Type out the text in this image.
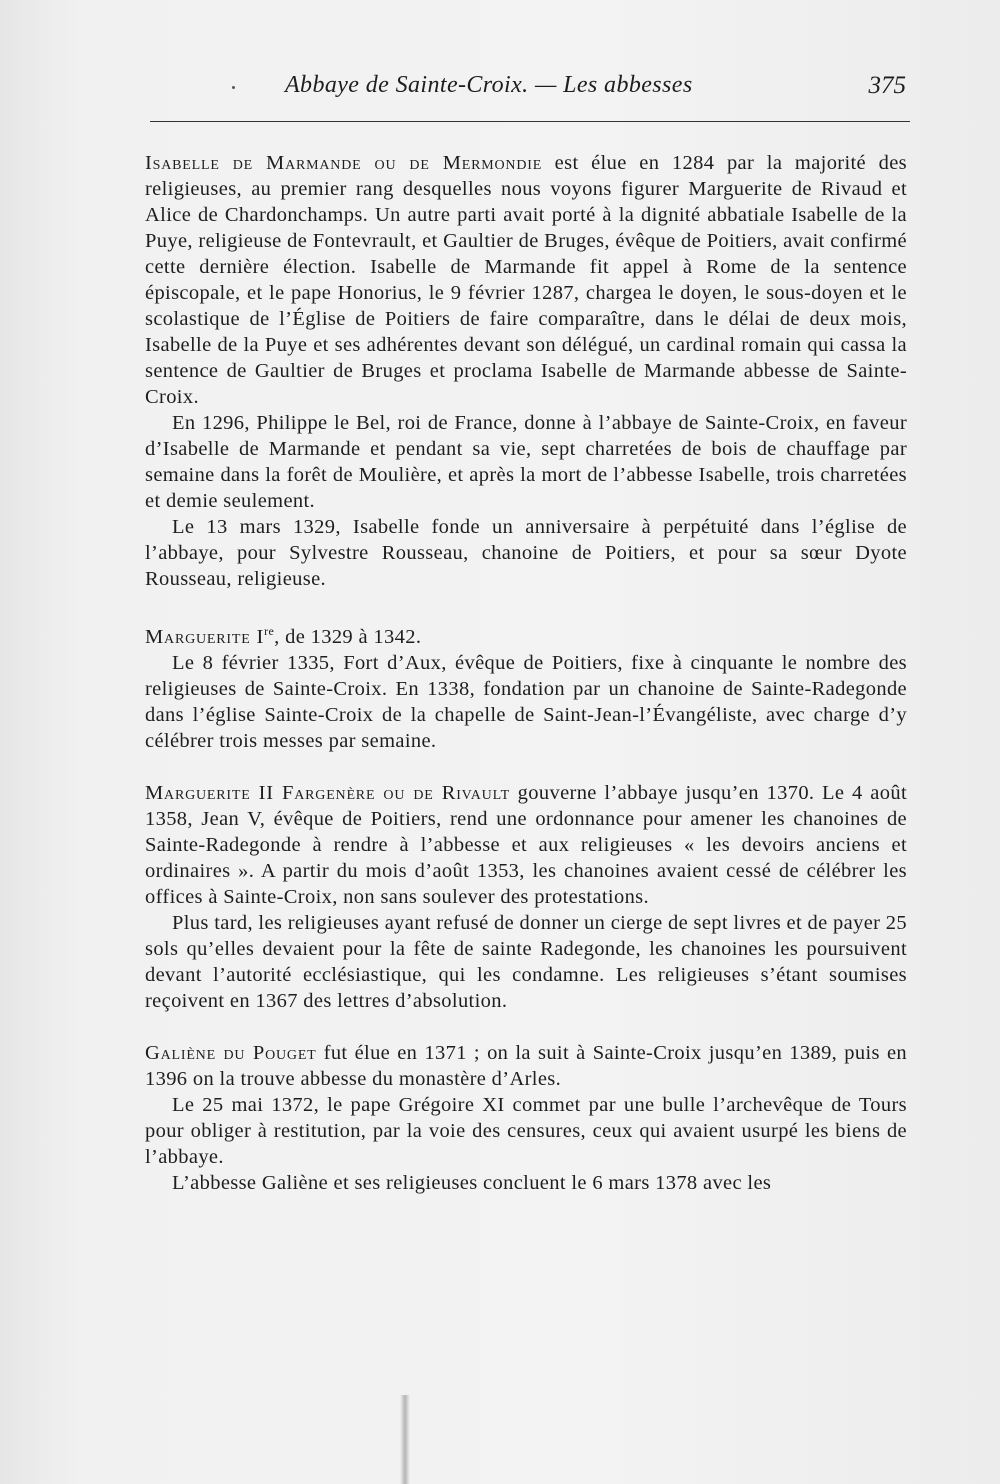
Abbaye de Sainte-Croix. — Les abbesses	375

Isabelle de Marmande ou de Mermondie est élue en 1284 par la majorité des religieuses, au premier rang desquelles nous voyons figurer Marguerite de Rivaud et Alice de Chardonchamps. Un autre parti avait porté à la dignité abbatiale Isabelle de la Puye, religieuse de Fontevrault, et Gaultier de Bruges, évêque de Poitiers, avait confirmé cette dernière élection. Isabelle de Marmande fit appel à Rome de la sentence épiscopale, et le pape Honorius, le 9 février 1287, chargea le doyen, le sous-doyen et le scolastique de l’Église de Poitiers de faire comparaître, dans le délai de deux mois, Isabelle de la Puye et ses adhérentes devant son délégué, un cardinal romain qui cassa la sentence de Gaultier de Bruges et proclama Isabelle de Marmande abbesse de Sainte-Croix.

En 1296, Philippe le Bel, roi de France, donne à l’abbaye de Sainte-Croix, en faveur d’Isabelle de Marmande et pendant sa vie, sept charretées de bois de chauffage par semaine dans la forêt de Moulière, et après la mort de l’abbesse Isabelle, trois charretées et demie seulement.

Le 13 mars 1329, Isabelle fonde un anniversaire à perpétuité dans l’église de l’abbaye, pour Sylvestre Rousseau, chanoine de Poitiers, et pour sa sœur Dyote Rousseau, religieuse.

Marguerite Ire, de 1329 à 1342.

Le 8 février 1335, Fort d’Aux, évêque de Poitiers, fixe à cinquante le nombre des religieuses de Sainte-Croix. En 1338, fondation par un chanoine de Sainte-Radegonde dans l’église Sainte-Croix de la chapelle de Saint-Jean-l’Évangéliste, avec charge d’y célébrer trois messes par semaine.

Marguerite II Fargenère ou de Rivault gouverne l’abbaye jusqu’en 1370. Le 4 août 1358, Jean V, évêque de Poitiers, rend une ordonnance pour amener les chanoines de Sainte-Radegonde à rendre à l’abbesse et aux religieuses « les devoirs anciens et ordinaires ». A partir du mois d’août 1353, les chanoines avaient cessé de célébrer les offices à Sainte-Croix, non sans soulever des protestations.

Plus tard, les religieuses ayant refusé de donner un cierge de sept livres et de payer 25 sols qu’elles devaient pour la fête de sainte Radegonde, les chanoines les poursuivent devant l’autorité ecclésiastique, qui les condamne. Les religieuses s’étant soumises reçoivent en 1367 des lettres d’absolution.

Galiène du Pouget fut élue en 1371 ; on la suit à Sainte-Croix jusqu’en 1389, puis en 1396 on la trouve abbesse du monastère d’Arles.

Le 25 mai 1372, le pape Grégoire XI commet par une bulle l’archevêque de Tours pour obliger à restitution, par la voie des censures, ceux qui avaient usurpé les biens de l’abbaye.

L’abbesse Galiène et ses religieuses concluent le 6 mars 1378 avec les
